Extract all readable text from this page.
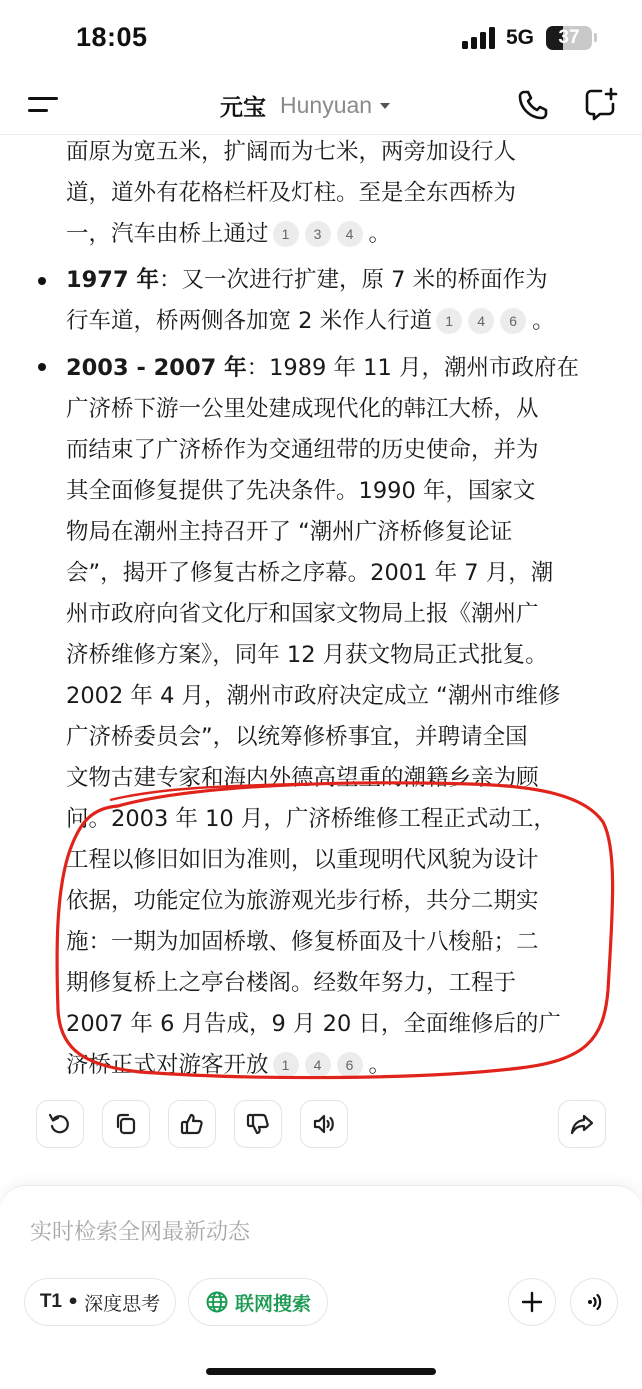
18:05	5G	37
元宝 Hunyuan
面原为宽五米，扩阔而为七米，两旁加设行人
道，道外有花格栏杆及灯柱。至是全东西桥为
一，汽车由桥上通过 1 3 4 。
1977 年：又一次进行扩建，原 7 米的桥面作为
行车道，桥两侧各加宽 2 米作人行道 1 4 6 。
2003 - 2007 年：1989 年 11 月，潮州市政府在
广济桥下游一公里处建成现代化的韩江大桥，从
而结束了广济桥作为交通纽带的历史使命，并为
其全面修复提供了先决条件。1990 年，国家文
物局在潮州主持召开了 “潮州广济桥修复论证
会”，揭开了修复古桥之序幕。2001 年 7 月，潮
州市政府向省文化厅和国家文物局上报《潮州广
济桥维修方案》，同年 12 月获文物局正式批复。
2002 年 4 月，潮州市政府决定成立 “潮州市维修
广济桥委员会”，以统筹修桥事宜，并聘请全国
文物古建专家和海内外德高望重的潮籍乡亲为顾
问。2003 年 10 月，广济桥维修工程正式动工，
工程以修旧如旧为准则，以重现明代风貌为设计
依据，功能定位为旅游观光步行桥，共分二期实
施：一期为加固桥墩、修复桥面及十八梭船；二
期修复桥上之亭台楼阁。经数年努力，工程于
2007 年 6 月告成，9 月 20 日，全面维修后的广
济桥正式对游客开放 1 4 6 。
实时检索全网最新动态
T1 • 深度思考	联网搜索
